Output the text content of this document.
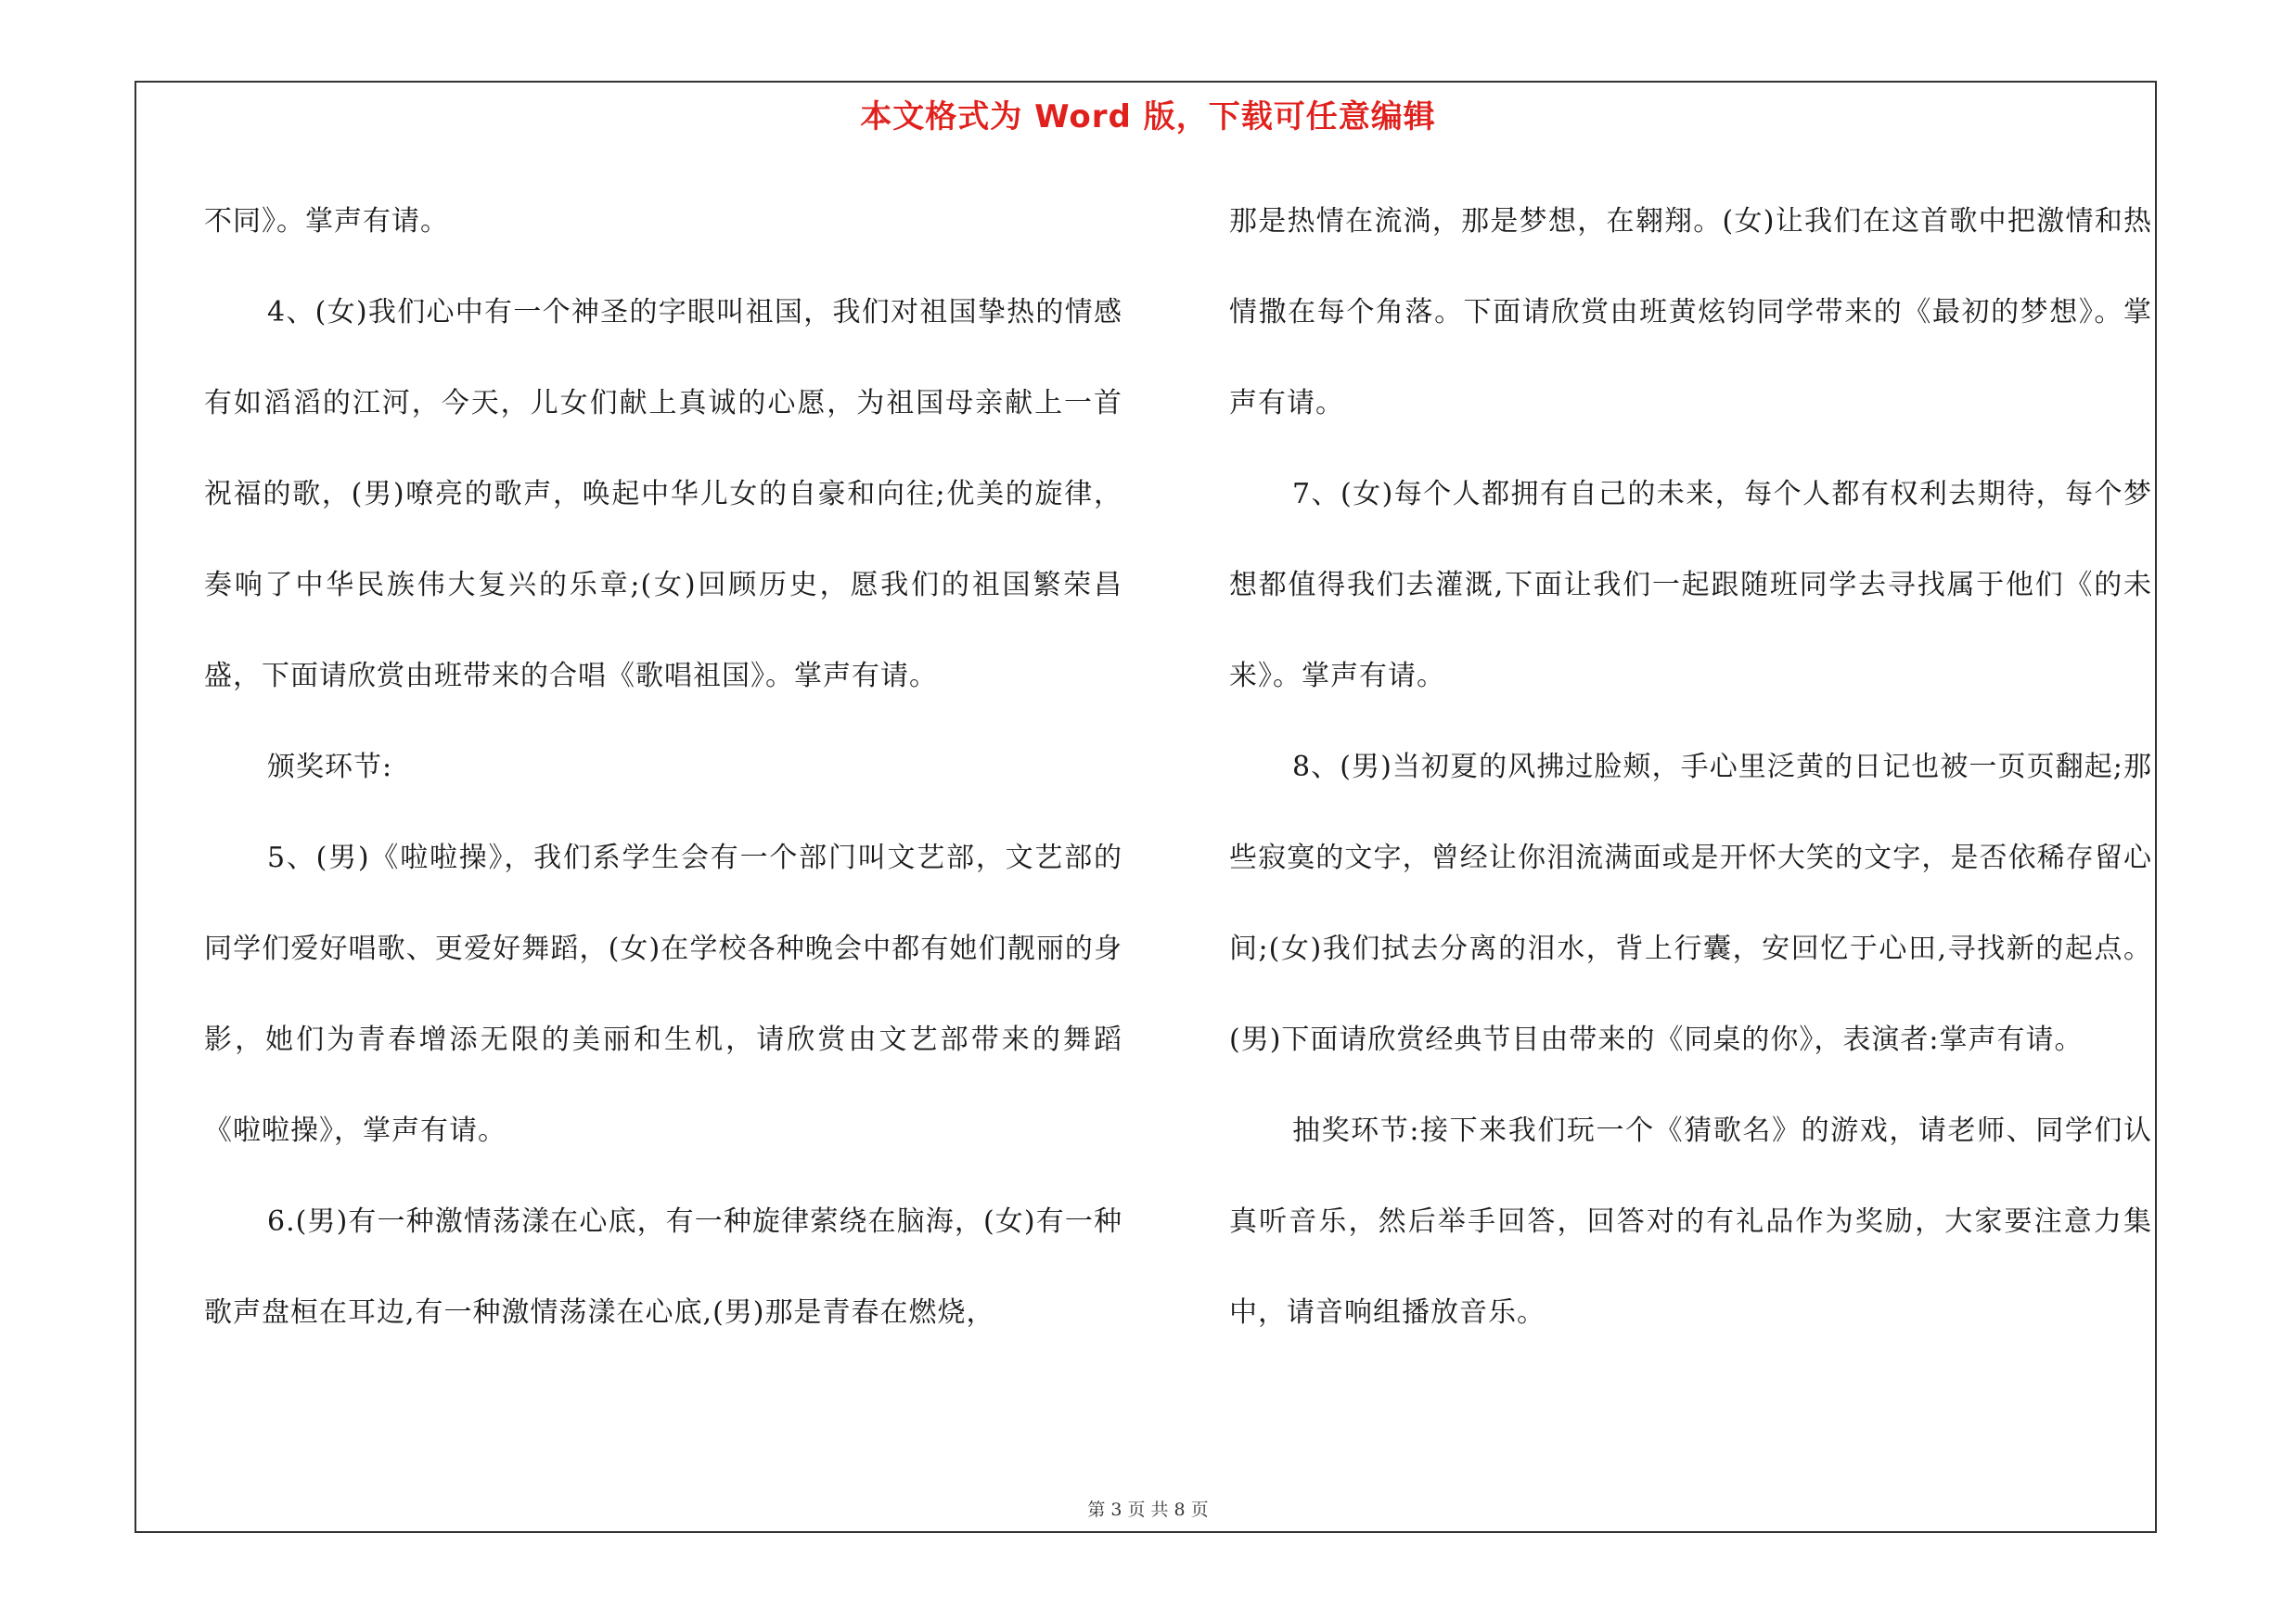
本文格式为 Word 版，下载可任意编辑

不同》。掌声有请。

4、(女)我们心中有一个神圣的字眼叫祖国，我们对祖国挚热的情感有如滔滔的江河，今天，儿女们献上真诚的心愿，为祖国母亲献上一首祝福的歌，(男)嘹亮的歌声，唤起中华儿女的自豪和向往;优美的旋律，奏响了中华民族伟大复兴的乐章;(女)回顾历史，愿我们的祖国繁荣昌盛，下面请欣赏由班带来的合唱《歌唱祖国》。掌声有请。

颁奖环节:

5、(男)《啦啦操》，我们系学生会有一个部门叫文艺部，文艺部的同学们爱好唱歌、更爱好舞蹈，(女)在学校各种晚会中都有她们靓丽的身影，她们为青春增添无限的美丽和生机，请欣赏由文艺部带来的舞蹈《啦啦操》，掌声有请。

6.(男)有一种激情荡漾在心底，有一种旋律萦绕在脑海，(女)有一种歌声盘桓在耳边,有一种激情荡漾在心底,(男)那是青春在燃烧，

那是热情在流淌，那是梦想，在翱翔。(女)让我们在这首歌中把激情和热情撒在每个角落。下面请欣赏由班黄炫钧同学带来的《最初的梦想》。掌声有请。

7、(女)每个人都拥有自己的未来，每个人都有权利去期待，每个梦想都值得我们去灌溉,下面让我们一起跟随班同学去寻找属于他们《的未来》。掌声有请。

8、(男)当初夏的风拂过脸颊，手心里泛黄的日记也被一页页翻起;那些寂寞的文字，曾经让你泪流满面或是开怀大笑的文字，是否依稀存留心间;(女)我们拭去分离的泪水，背上行囊，安回忆于心田,寻找新的起点。(男)下面请欣赏经典节目由带来的《同桌的你》，表演者:掌声有请。

抽奖环节:接下来我们玩一个《猜歌名》的游戏，请老师、同学们认真听音乐，然后举手回答，回答对的有礼品作为奖励，大家要注意力集中，请音响组播放音乐。

第 3 页 共 8 页
